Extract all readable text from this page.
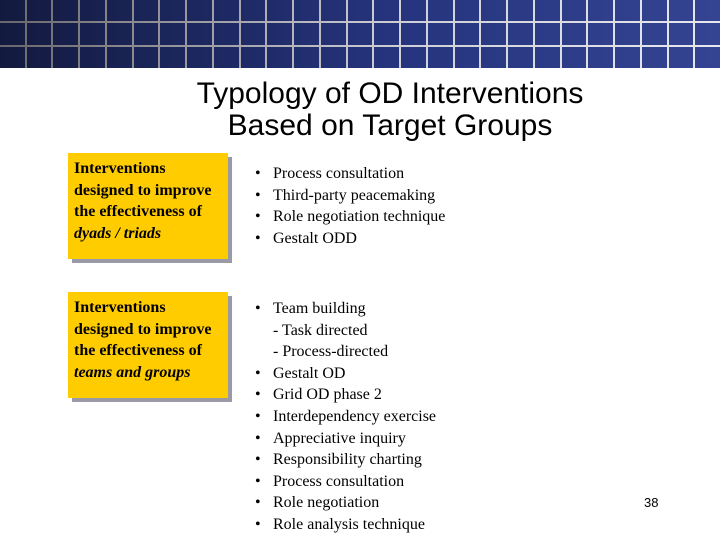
Typology of OD Interventions
Based on Target Groups
Interventions
designed to improve
the effectiveness of
dyads / triads
• Process consultation
• Third-party peacemaking
• Role negotiation technique
• Gestalt ODD
Interventions
designed to improve
the effectiveness of
teams and groups
• Team building
- Task directed
- Process-directed
• Gestalt OD
• Grid OD phase 2
• Interdependency exercise
• Appreciative inquiry
• Responsibility charting
• Process consultation
• Role negotiation
• Role analysis technique
38
